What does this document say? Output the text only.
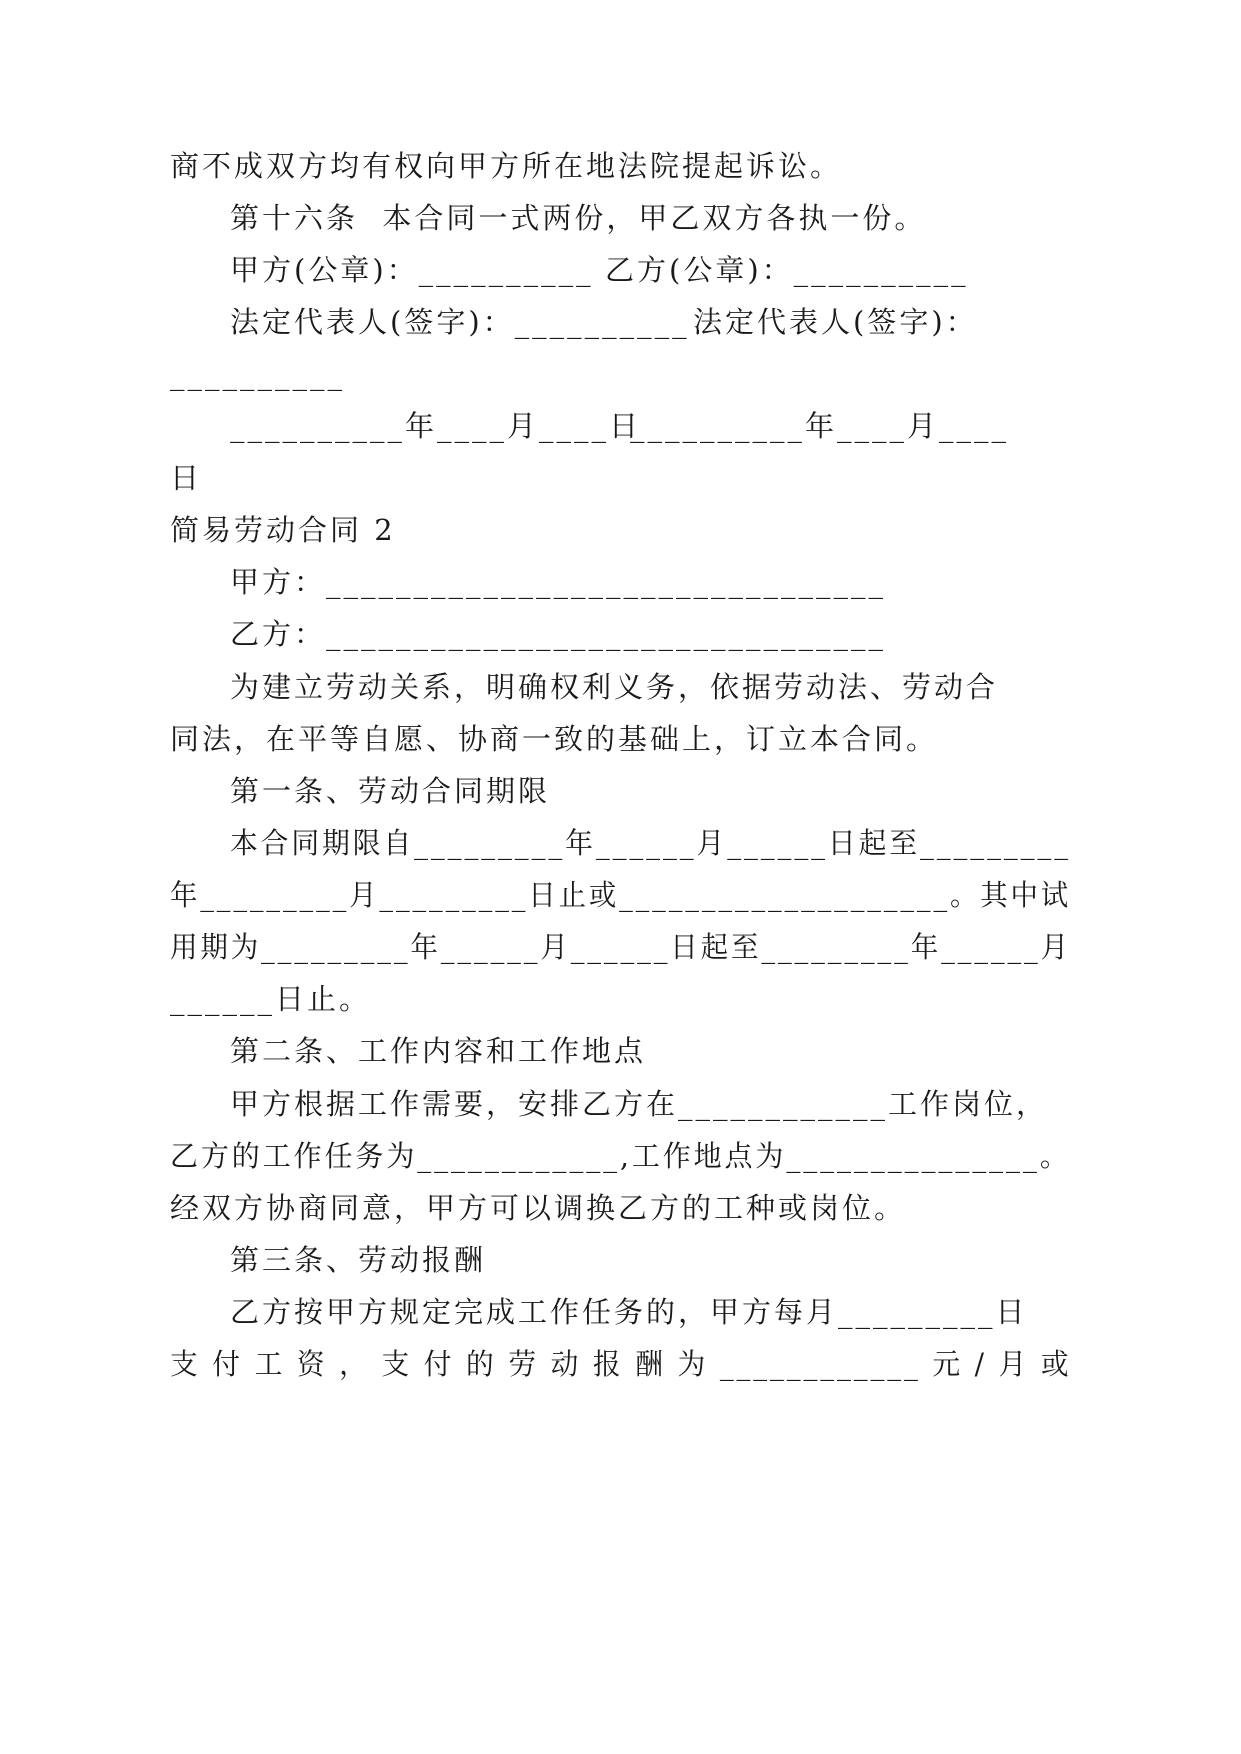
商不成双方均有权向甲方所在地法院提起诉讼。

第十六条  本合同一式两份，甲乙双方各执一份。

甲方(公章)：__________

乙方(公章)：__________

法定代表人(签字)：__________

法定代表人(签字)：

__________

__________年____月____日

__________年____月____

日

简易劳动合同 2

甲方：________________________________

乙方：________________________________

为建立劳动关系，明确权利义务，依据劳动法、劳动合

同法，在平等自愿、协商一致的基础上，订立本合同。

第一条、劳动合同期限

本合同期限自_________年______月______日起至_________

年_________月_________日止或____________________。其中试

用期为_________年______月______日起至_________年______月

______日止。

第二条、工作内容和工作地点

甲方根据工作需要，安排乙方在____________工作岗位，

乙方的工作任务为____________,工作地点为_______________。

经双方协商同意，甲方可以调换乙方的工种或岗位。

第三条、劳动报酬

乙方按甲方规定完成工作任务的，甲方每月_________日

支 付 工 资 ， 支 付 的 劳 动 报 酬 为 ____________ 元 / 月 或
